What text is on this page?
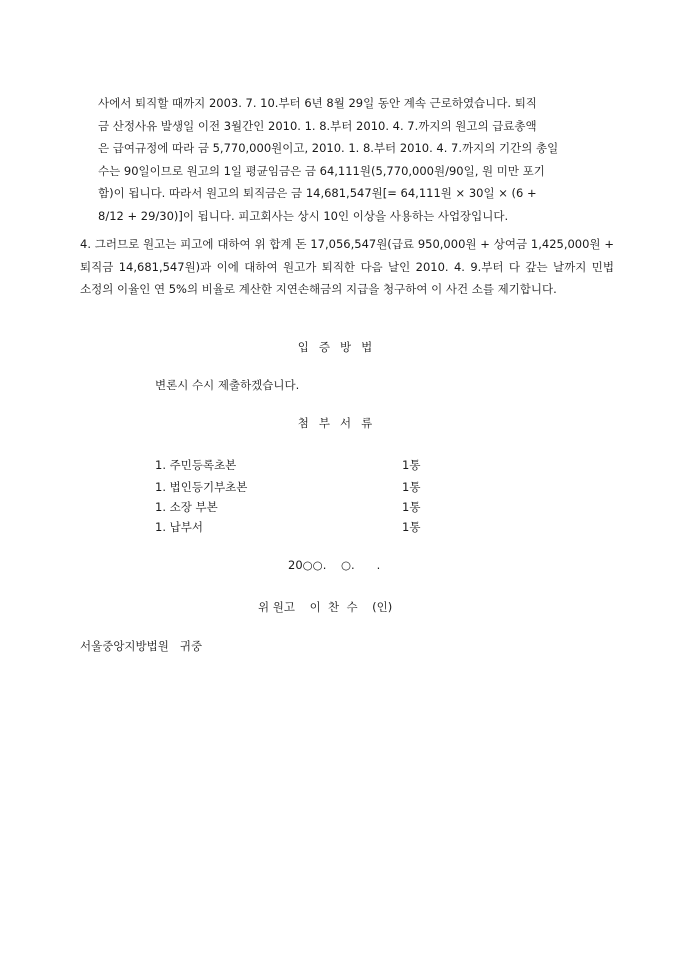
사에서 퇴직할 때까지 2003. 7. 10.부터 6년 8월 29일 동안 계속 근로하였습니다. 퇴직

금 산정사유 발생일 이전 3월간인 2010. 1. 8.부터 2010. 4. 7.까지의 원고의 급료총액

은 급여규정에 따라 금 5,770,000원이고, 2010. 1. 8.부터 2010. 4. 7.까지의 기간의 총일

수는 90일이므로 원고의 1일 평균임금은 금 64,111원(5,770,000원/90일, 원 미만 포기

함)이 됩니다. 따라서 원고의 퇴직금은 금 14,681,547원[= 64,111원 × 30일 × (6 +

8/12 + 29/30)]이 됩니다. 피고회사는 상시 10인 이상을 사용하는 사업장입니다.

4. 그러므로 원고는 피고에 대하여 위 합계 돈 17,056,547원(급료 950,000원 + 상여금 1,425,000원 + 퇴직금 14,681,547원)과 이에 대하여 원고가 퇴직한 다음 날인 2010. 4. 9.부터 다 갚는 날까지 민법 소정의 이율인 연 5%의 비율로 계산한 지연손해금의 지급을 청구하여 이 사건 소를 제기합니다.
입증방법
변론시 수시 제출하겠습니다.
첨부서류
1. 주민등록초본	1통
1. 법인등기부초본	1통
1. 소장 부본	1통
1. 납부서	1통
20○○.    ○.      .
위 원고    이  찬  수    (인)
서울중앙지방법원   귀중
